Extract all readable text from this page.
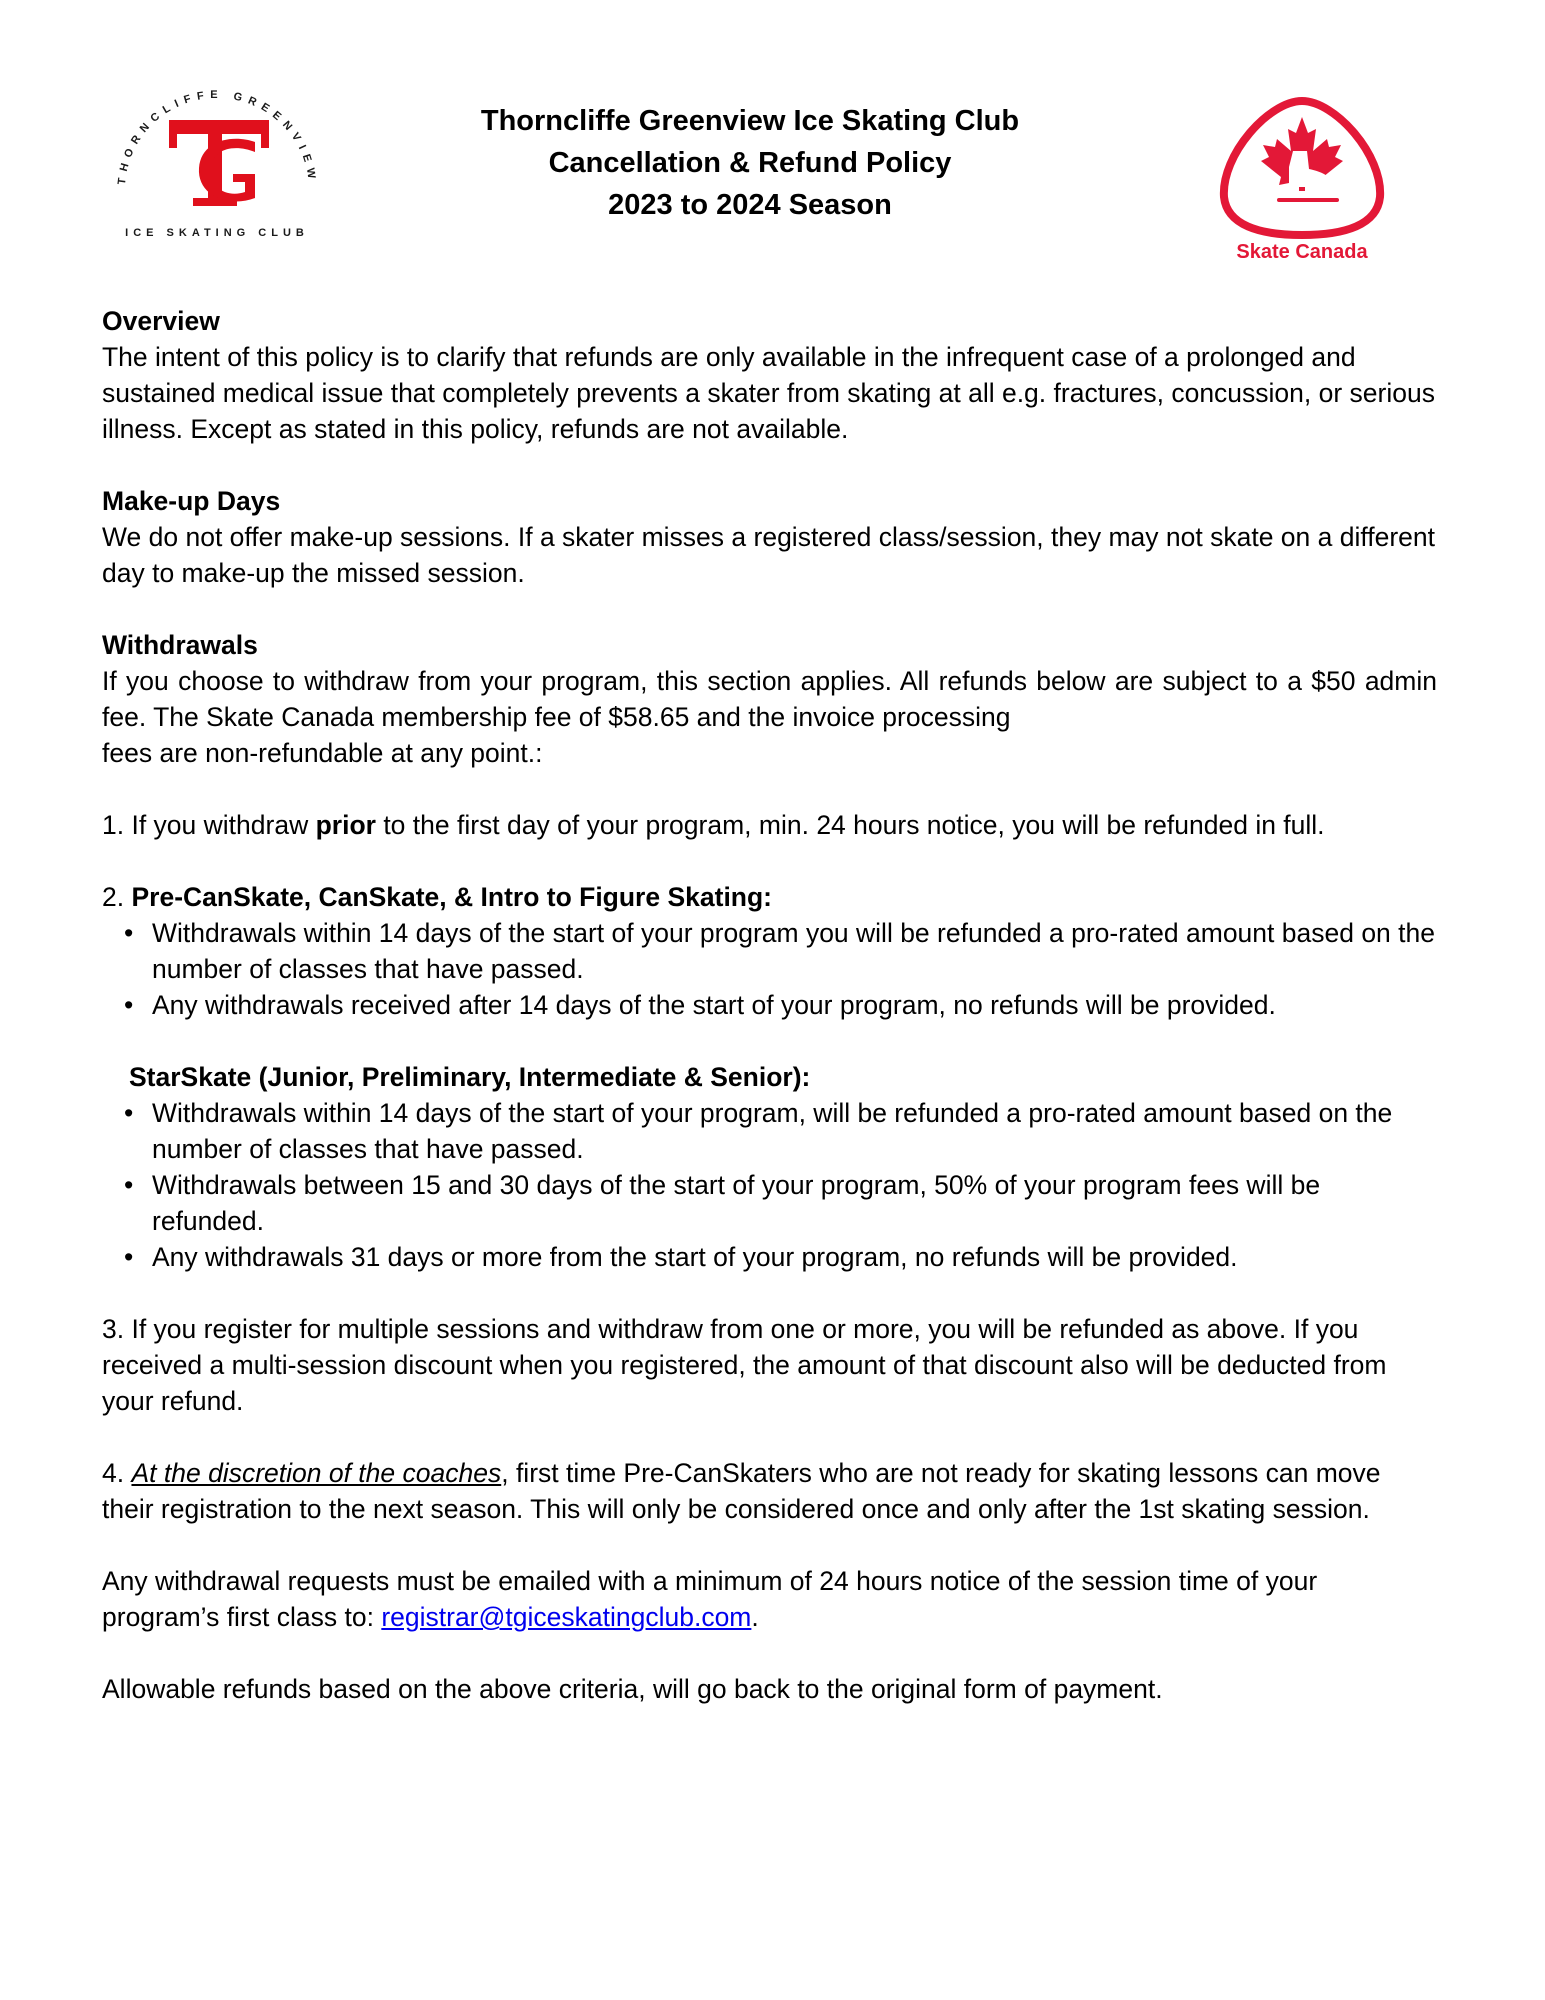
THORNCLIFFE GREENVIEW
ICE SKATING CLUB
Thorncliffe Greenview Ice Skating Club
Cancellation & Refund Policy
2023 to 2024 Season
Skate Canada

Overview

The intent of this policy is to clarify that refunds are only available in the infrequent case of a prolonged and sustained medical issue that completely prevents a skater from skating at all e.g. fractures, concussion, or serious illness. Except as stated in this policy, refunds are not available.

Make-up Days

We do not offer make-up sessions. If a skater misses a registered class/session, they may not skate on a different day to make-up the missed session.

Withdrawals

If you choose to withdraw from your program, this section applies. All refunds below are subject to a $50 admin fee. The Skate Canada membership fee of $58.65 and the invoice processing

fees are non-refundable at any point.:

1. If you withdraw prior to the first day of your program, min. 24 hours notice, you will be refunded in full.

2. Pre-CanSkate, CanSkate, & Intro to Figure Skating:

• Withdrawals within 14 days of the start of your program you will be refunded a pro-rated amount based on the number of classes that have passed.
• Any withdrawals received after 14 days of the start of your program, no refunds will be provided.

StarSkate (Junior, Preliminary, Intermediate & Senior):

• Withdrawals within 14 days of the start of your program, will be refunded a pro-rated amount based on the number of classes that have passed.
• Withdrawals between 15 and 30 days of the start of your program, 50% of your program fees will be refunded.
• Any withdrawals 31 days or more from the start of your program, no refunds will be provided.

3. If you register for multiple sessions and withdraw from one or more, you will be refunded as above. If you received a multi-session discount when you registered, the amount of that discount also will be deducted from your refund.

4. At the discretion of the coaches, first time Pre-CanSkaters who are not ready for skating lessons can move their registration to the next season. This will only be considered once and only after the 1st skating session.

Any withdrawal requests must be emailed with a minimum of 24 hours notice of the session time of your program’s first class to: registrar@tgiceskatingclub.com.

Allowable refunds based on the above criteria, will go back to the original form of payment.
